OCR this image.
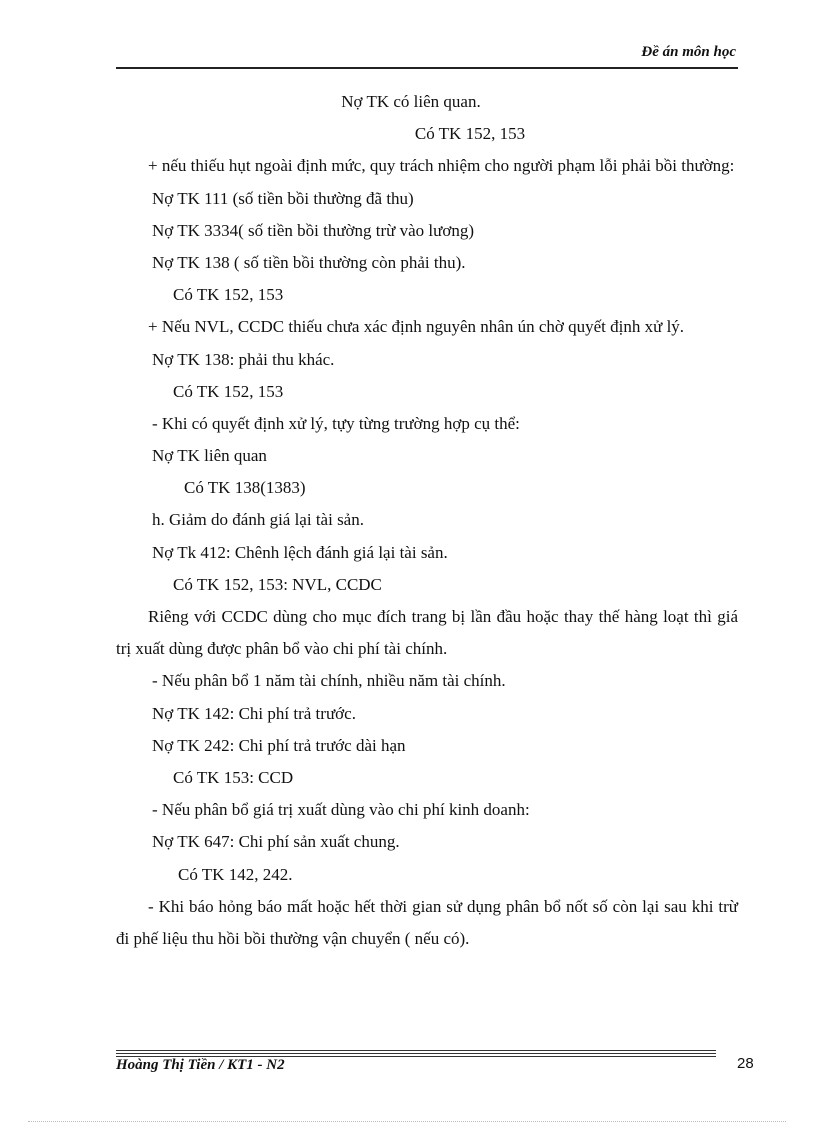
Đề án môn học
Nợ TK có liên quan.
Có TK 152, 153
+ nếu thiếu hụt ngoài định mức, quy trách nhiệm cho người phạm lỗi phải bồi thường:
Nợ TK 111 (số tiền bồi thường đã thu)
Nợ TK 3334( số tiền bồi thường trừ vào lương)
Nợ TK 138 ( số tiền bồi thường còn phải thu).
Có TK 152, 153
+ Nếu NVL, CCDC thiếu chưa xác định nguyên nhân ún chờ quyết định xử lý.
Nợ TK 138: phải thu khác.
Có TK 152, 153
- Khi có quyết định xử lý, tựy từng trường hợp cụ thể:
Nợ TK liên quan
Có TK 138(1383)
h. Giảm do đánh giá lại tài sản.
Nợ Tk 412: Chênh lệch đánh giá lại tài sản.
Có TK 152, 153: NVL, CCDC
Riêng với CCDC dùng cho mục đích trang bị lần đầu hoặc thay thế hàng loạt thì giá trị xuất dùng được phân bổ vào chi phí tài chính.
- Nếu phân bổ 1 năm tài chính, nhiều năm tài chính.
Nợ TK 142: Chi phí trả trước.
Nợ TK 242: Chi phí trả trước dài hạn
Có TK 153: CCD
- Nếu phân bổ giá trị xuất dùng vào chi phí kinh doanh:
Nợ TK 647: Chi phí sản xuất chung.
Có TK 142, 242.
- Khi báo hỏng báo mất hoặc hết thời gian sử dụng phân bổ nốt số còn lại sau khi trừ đi phế liệu thu hồi bồi thường vận chuyển ( nếu có).
Hoàng Thị Tiền / KT1 - N2	28
